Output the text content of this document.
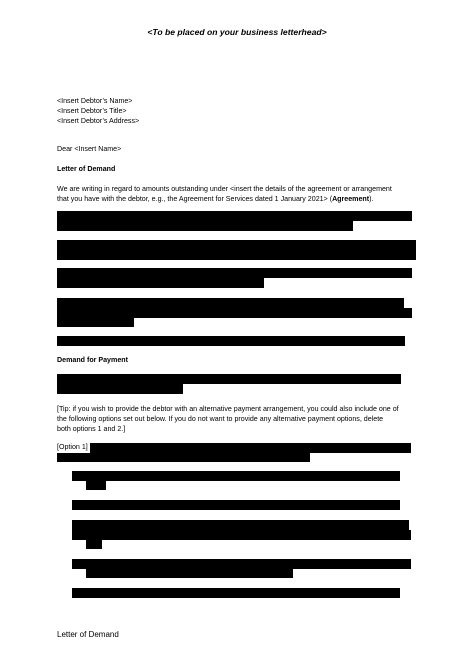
<To be placed on your business letterhead>
<Insert Debtor’s Name>
<Insert Debtor’s Title>
<Insert Debtor’s Address>
Dear <Insert Name>
Letter of Demand
We are writing in regard to amounts outstanding under <insert the details of the agreement or arrangement
that you have with the debtor, e.g., the Agreement for Services dated 1 January 2021> (Agreement).
Demand for Payment
[Tip: if you wish to provide the debtor with an alternative payment arrangement, you could also include one of
the following options set out below. If you do not want to provide any alternative payment options, delete
both options 1 and 2.]
[Option 1]
Letter of Demand
